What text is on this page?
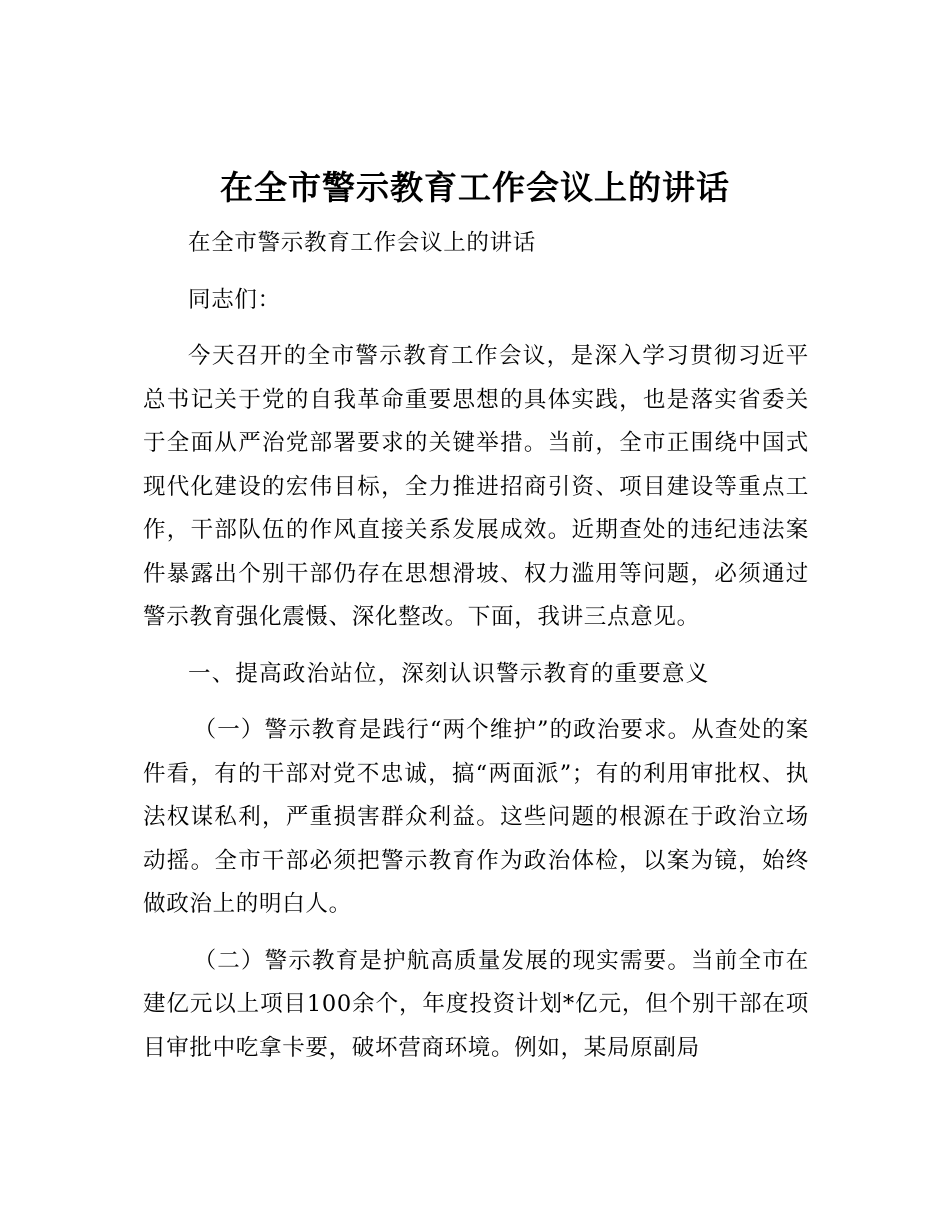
在全市警示教育工作会议上的讲话

在全市警示教育工作会议上的讲话

同志们：

今天召开的全市警示教育工作会议，是深入学习贯彻习近平总书记关于党的自我革命重要思想的具体实践，也是落实省委关于全面从严治党部署要求的关键举措。当前，全市正围绕中国式现代化建设的宏伟目标，全力推进招商引资、项目建设等重点工作，干部队伍的作风直接关系发展成效。近期查处的违纪违法案件暴露出个别干部仍存在思想滑坡、权力滥用等问题，必须通过警示教育强化震慑、深化整改。下面，我讲三点意见。

一、提高政治站位，深刻认识警示教育的重要意义

（一）警示教育是践行“两个维护”的政治要求。从查处的案件看，有的干部对党不忠诚，搞“两面派”；有的利用审批权、执法权谋私利，严重损害群众利益。这些问题的根源在于政治立场动摇。全市干部必须把警示教育作为政治体检，以案为镜，始终做政治上的明白人。

（二）警示教育是护航高质量发展的现实需要。当前全市在建亿元以上项目100余个，年度投资计划*亿元，但个别干部在项目审批中吃拿卡要，破坏营商环境。例如，某局原副局
